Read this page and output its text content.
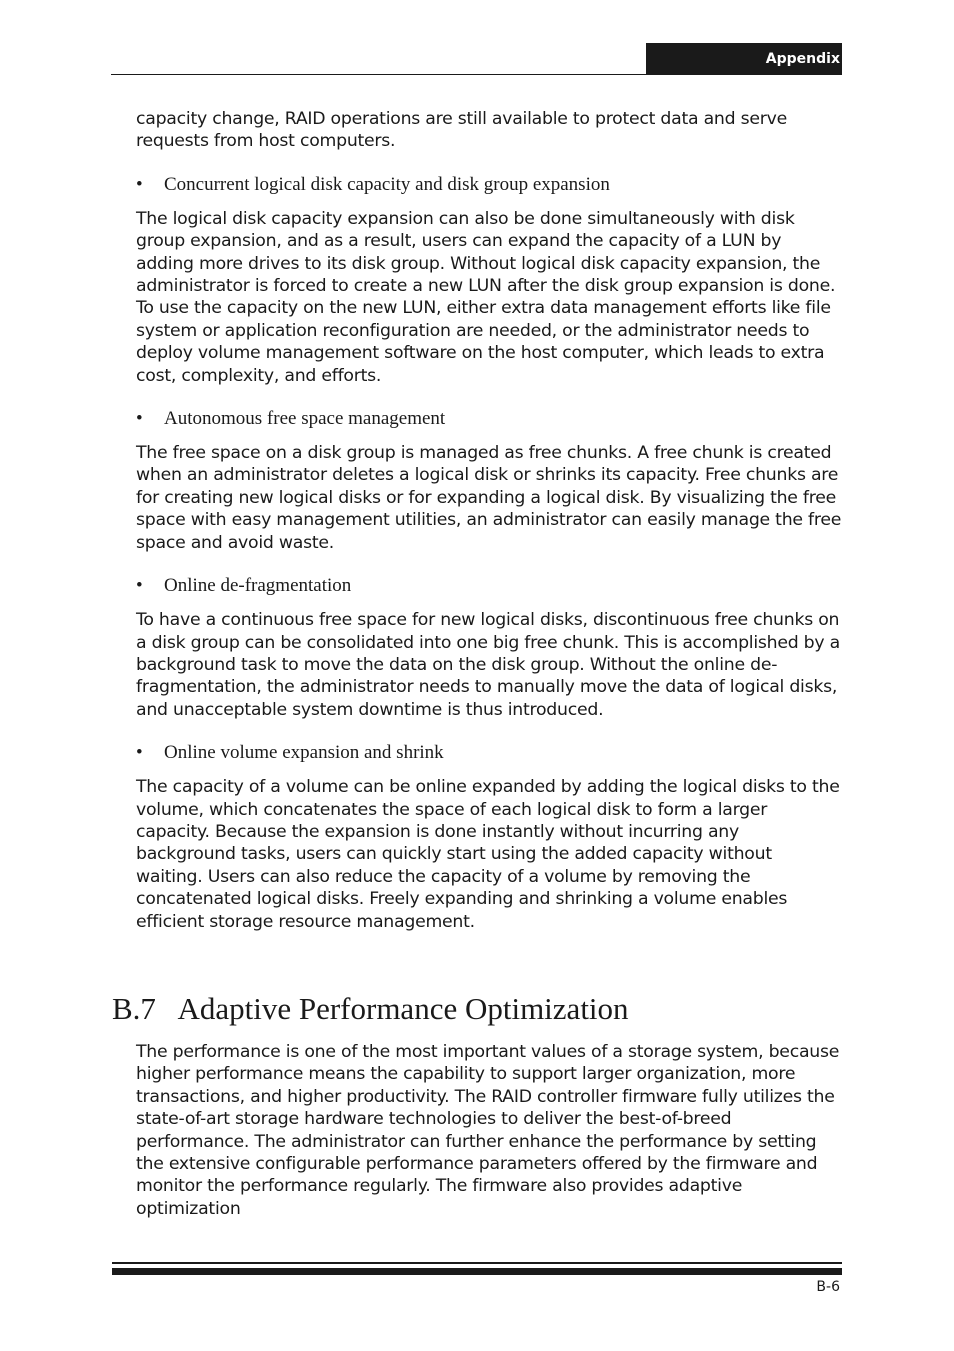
Appendix

capacity change, RAID operations are still available to protect data and serve requests from host computers.

•	Concurrent logical disk capacity and disk group expansion

The logical disk capacity expansion can also be done simultaneously with disk group expansion, and as a result, users can expand the capacity of a LUN by adding more drives to its disk group. Without logical disk capacity expansion, the administrator is forced to create a new LUN after the disk group expansion is done. To use the capacity on the new LUN, either extra data management efforts like file system or application reconfiguration are needed, or the administrator needs to deploy volume management software on the host computer, which leads to extra cost, complexity, and efforts.

•	Autonomous free space management

The free space on a disk group is managed as free chunks. A free chunk is created when an administrator deletes a logical disk or shrinks its capacity. Free chunks are for creating new logical disks or for expanding a logical disk. By visualizing the free space with easy management utilities, an administrator can easily manage the free space and avoid waste.

•	Online de-fragmentation

To have a continuous free space for new logical disks, discontinuous free chunks on a disk group can be consolidated into one big free chunk. This is accomplished by a background task to move the data on the disk group. Without the online de-fragmentation, the administrator needs to manually move the data of logical disks, and unacceptable system downtime is thus introduced.

•	Online volume expansion and shrink

The capacity of a volume can be online expanded by adding the logical disks to the volume, which concatenates the space of each logical disk to form a larger capacity. Because the expansion is done instantly without incurring any background tasks, users can quickly start using the added capacity without waiting. Users can also reduce the capacity of a volume by removing the concatenated logical disks. Freely expanding and shrinking a volume enables efficient storage resource management.

B.7   Adaptive Performance Optimization

The performance is one of the most important values of a storage system, because higher performance means the capability to support larger organization, more transactions, and higher productivity. The RAID controller firmware fully utilizes the state-of-art storage hardware technologies to deliver the best-of-breed performance. The administrator can further enhance the performance by setting the extensive configurable performance parameters offered by the firmware and monitor the performance regularly. The firmware also provides adaptive optimization

B-6
